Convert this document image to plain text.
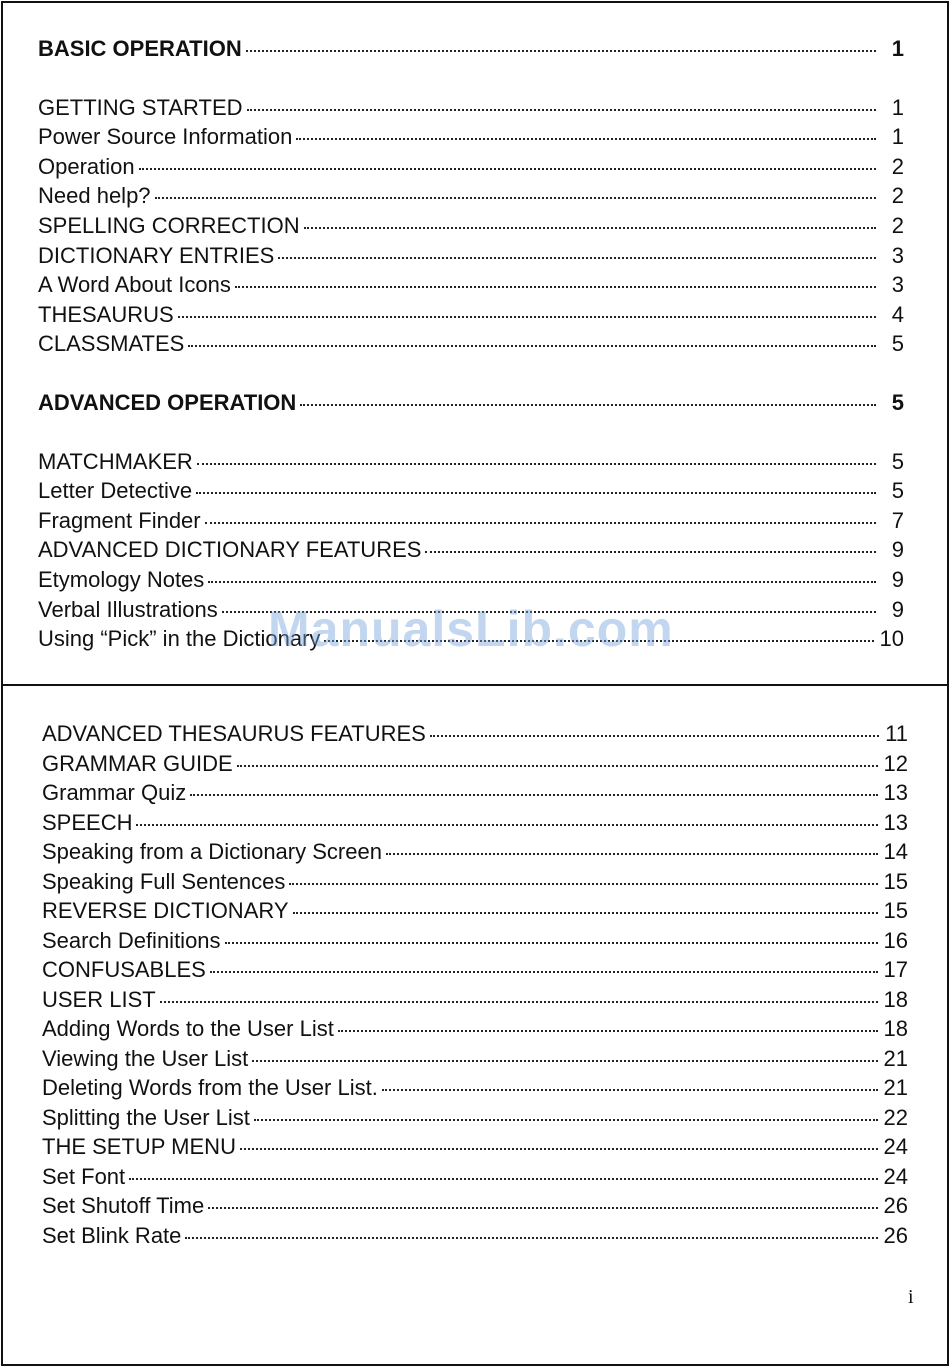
BASIC OPERATION	1
GETTING STARTED	1
Power Source Information	1
Operation	2
Need help?	2
SPELLING CORRECTION	2
DICTIONARY ENTRIES	3
A Word About Icons	3
THESAURUS	4
CLASSMATES	5
ADVANCED OPERATION	5
MATCHMAKER	5
Letter Detective	5
Fragment Finder	7
ADVANCED DICTIONARY FEATURES	9
Etymology Notes	9
Verbal Illustrations	9
Using “Pick” in the Dictionary	10
ADVANCED THESAURUS FEATURES	11
GRAMMAR GUIDE	12
Grammar Quiz	13
SPEECH	13
Speaking from a Dictionary Screen	14
Speaking Full Sentences	15
REVERSE DICTIONARY	15
Search Definitions	16
CONFUSABLES	17
USER LIST	18
Adding Words to the User List	18
Viewing the User List	21
Deleting Words from the User List.	21
Splitting the User List	22
THE SETUP MENU	24
Set Font	24
Set Shutoff Time	26
Set Blink Rate	26
ManualsLib.com
i
